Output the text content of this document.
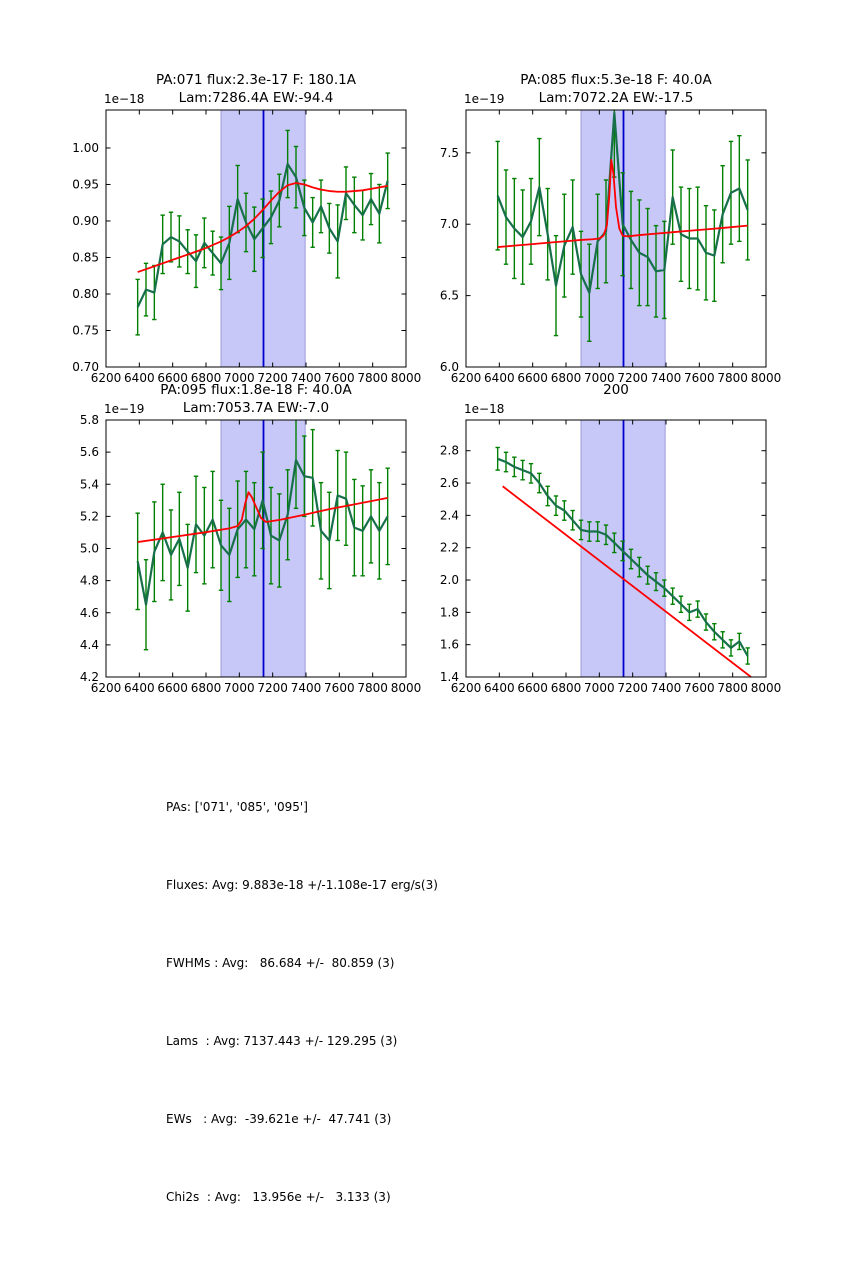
PA:071 flux:2.3e-17 F: 180.1A
Lam:7286.4A EW:-94.4
1e−18
6200 6400 6600 6800 7000 7200 7400 7600 7800 8000
0.70
0.75
0.80
0.85
0.90
0.95
1.00
PA:085 flux:5.3e-18 F: 40.0A
Lam:7072.2A EW:-17.5
1e−19
6200 6400 6600 6800 7000 7200 7400 7600 7800 8000
6.0
6.5
7.0
7.5
PA:095 flux:1.8e-18 F: 40.0A
Lam:7053.7A EW:-7.0
1e−19
6200 6400 6600 6800 7000 7200 7400 7600 7800 8000
4.2
4.4
4.6
4.8
5.0
5.2
5.4
5.6
5.8
200
1e−18
6200 6400 6600 6800 7000 7200 7400 7600 7800 8000
1.4
1.6
1.8
2.0
2.2
2.4
2.6
2.8

PAs: ['071', '085', '095']

Fluxes: Avg: 9.883e-18 +/-1.108e-17 erg/s(3)

FWHMs : Avg:   86.684 +/-  80.859 (3)

Lams  : Avg: 7137.443 +/- 129.295 (3)

EWs   : Avg:  -39.621e +/-  47.741 (3)

Chi2s  : Avg:   13.956e +/-   3.133 (3)
